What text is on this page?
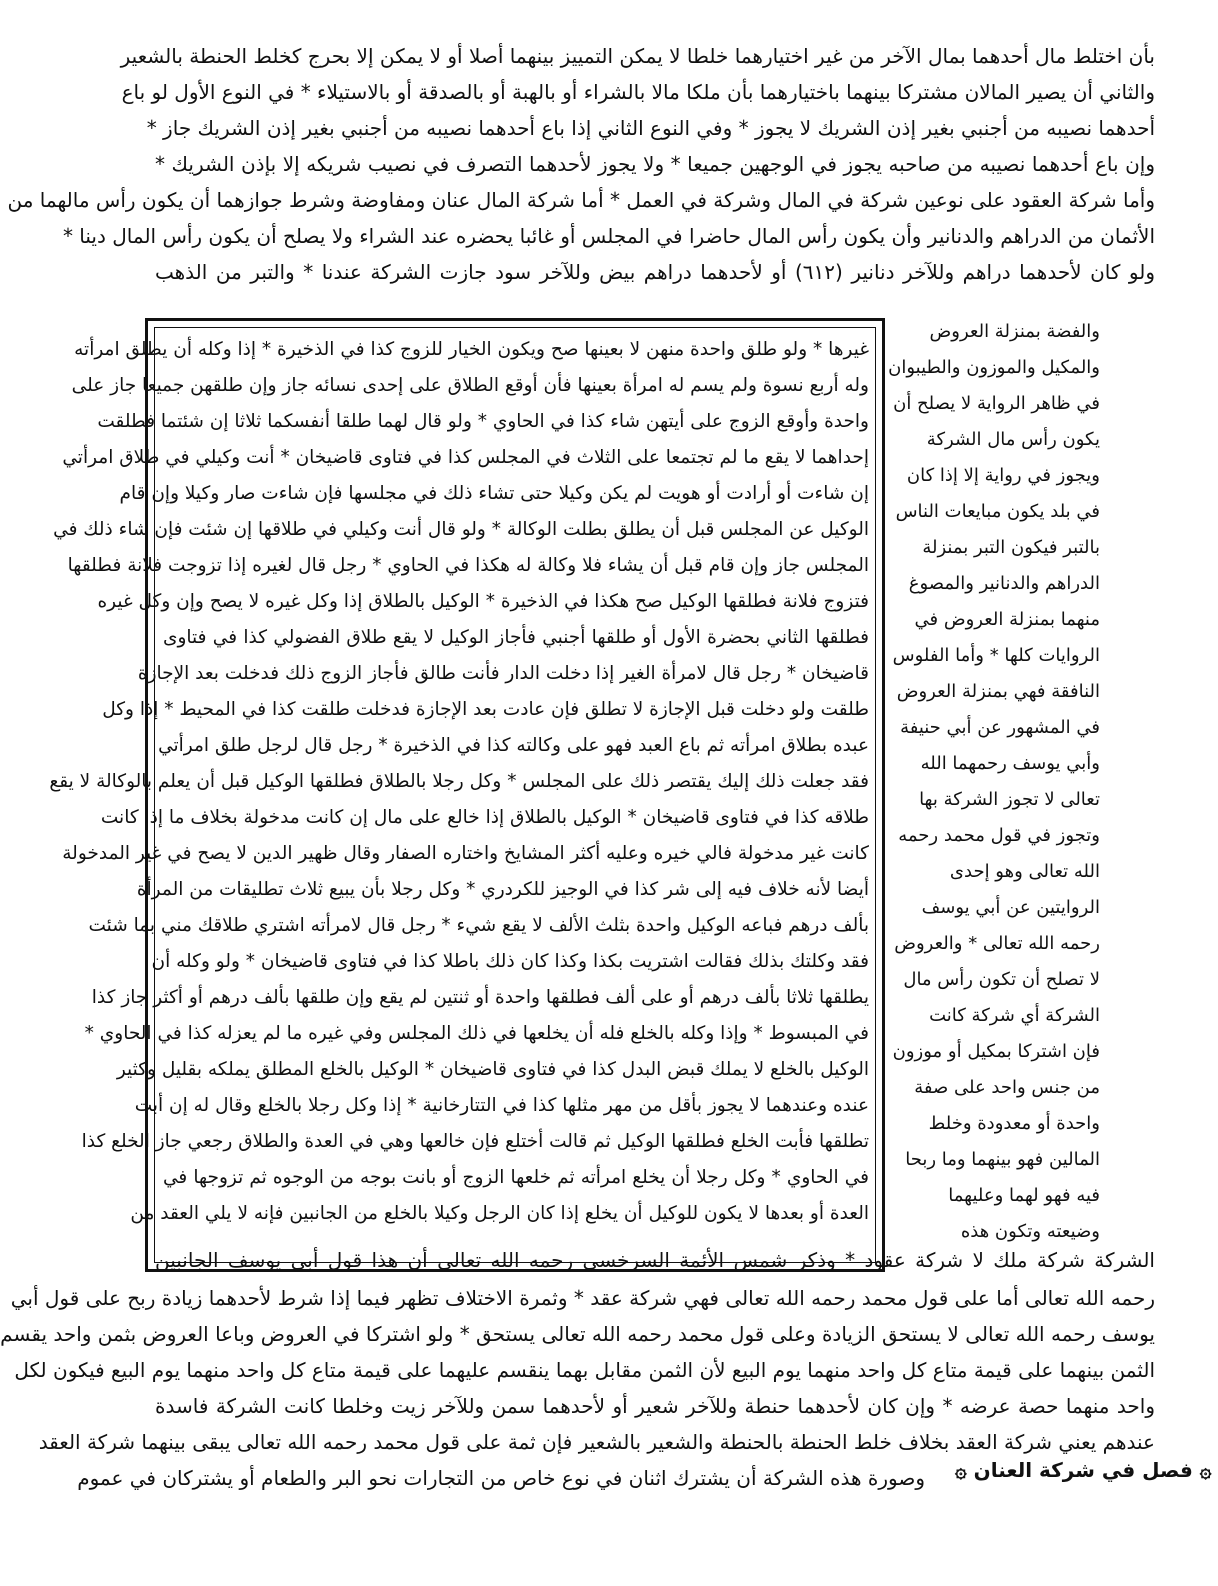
بأن اختلط مال أحدهما بمال الآخر من غير اختيارهما خلطا لا يمكن التمييز بينهما أصلا أو لا يمكن إلا بحرج كخلط الحنطة بالشعير
والثاني أن يصير المالان مشتركا بينهما باختيارهما بأن ملكا مالا بالشراء أو بالهبة أو بالصدقة أو بالاستيلاء * في النوع الأول لو باع
أحدهما نصيبه من أجنبي بغير إذن الشريك لا يجوز * وفي النوع الثاني إذا باع أحدهما نصيبه من أجنبي بغير إذن الشريك جاز *
وإن باع أحدهما نصيبه من صاحبه يجوز في الوجهين جميعا * ولا يجوز لأحدهما التصرف في نصيب شريكه إلا بإذن الشريك *
وأما شركة العقود على نوعين شركة في المال وشركة في العمل * أما شركة المال عنان ومفاوضة وشرط جوازهما أن يكون رأس مالهما من
الأثمان من الدراهم والدنانير وأن يكون رأس المال حاضرا في المجلس أو غائبا يحضره عند الشراء ولا يصلح أن يكون رأس المال دينا *
ولو كان لأحدهما دراهم وللآخر دنانير (٦١٢) أو لأحدهما دراهم بيض وللآخر سود جازت الشركة عندنا * والتبر من الذهب
غيرها * ولو طلق واحدة منهن لا بعينها صح ويكون الخيار للزوج كذا في الذخيرة * إذا وكله أن يطلق امرأته
وله أربع نسوة ولم يسم له امرأة بعينها فأن أوقع الطلاق على إحدى نسائه جاز وإن طلقهن جميعا جاز على
واحدة وأوقع الزوج على أيتهن شاء كذا في الحاوي * ولو قال لهما طلقا أنفسكما ثلاثا إن شئتما فطلقت
إحداهما لا يقع ما لم تجتمعا على الثلاث في المجلس كذا في فتاوى قاضيخان * أنت وكيلي في طلاق امرأتي
إن شاءت أو أرادت أو هويت لم يكن وكيلا حتى تشاء ذلك في مجلسها فإن شاءت صار وكيلا وإن قام
الوكيل عن المجلس قبل أن يطلق بطلت الوكالة * ولو قال أنت وكيلي في طلاقها إن شئت فإن شاء ذلك في
المجلس جاز وإن قام قبل أن يشاء فلا وكالة له هكذا في الحاوي * رجل قال لغيره إذا تزوجت فلانة فطلقها
فتزوج فلانة فطلقها الوكيل صح هكذا في الذخيرة * الوكيل بالطلاق إذا وكل غيره لا يصح وإن وكل غيره
فطلقها الثاني بحضرة الأول أو طلقها أجنبي فأجاز الوكيل لا يقع طلاق الفضولي كذا في فتاوى
قاضيخان * رجل قال لامرأة الغير إذا دخلت الدار فأنت طالق فأجاز الزوج ذلك فدخلت بعد الإجازة
طلقت ولو دخلت قبل الإجازة لا تطلق فإن عادت بعد الإجازة فدخلت طلقت كذا في المحيط * إذا وكل
عبده بطلاق امرأته ثم باع العبد فهو على وكالته كذا في الذخيرة * رجل قال لرجل طلق امرأتي
فقد جعلت ذلك إليك يقتصر ذلك على المجلس * وكل رجلا بالطلاق فطلقها الوكيل قبل أن يعلم بالوكالة لا يقع
طلاقه كذا في فتاوى قاضيخان * الوكيل بالطلاق إذا خالع على مال إن كانت مدخولة بخلاف ما إذا كانت
كانت غير مدخولة فالي خيره وعليه أكثر المشايخ واختاره الصفار وقال ظهير الدين لا يصح في غير المدخولة
أيضا لأنه خلاف فيه إلى شر كذا في الوجيز للكردري * وكل رجلا بأن يبيع ثلاث تطليقات من المرأة
بألف درهم فباعه الوكيل واحدة بثلث الألف لا يقع شيء * رجل قال لامرأته اشتري طلاقك مني بما شئت
فقد وكلتك بذلك فقالت اشتريت بكذا وكذا كان ذلك باطلا كذا في فتاوى قاضيخان * ولو وكله أن
يطلقها ثلاثا بألف درهم أو على ألف فطلقها واحدة أو ثنتين لم يقع وإن طلقها بألف درهم أو أكثر جاز كذا
في المبسوط * وإذا وكله بالخلع فله أن يخلعها في ذلك المجلس وفي غيره ما لم يعزله كذا في الحاوي *
الوكيل بالخلع لا يملك قبض البدل كذا في فتاوى قاضيخان * الوكيل بالخلع المطلق يملكه بقليل وكثير
عنده وعندهما لا يجوز بأقل من مهر مثلها كذا في التتارخانية * إذا وكل رجلا بالخلع وقال له إن أبت
تطلقها فأبت الخلع فطلقها الوكيل ثم قالت أختلع فإن خالعها وهي في العدة والطلاق رجعي جاز الخلع كذا
في الحاوي * وكل رجلا أن يخلع امرأته ثم خلعها الزوج أو بانت بوجه من الوجوه ثم تزوجها في
العدة أو بعدها لا يكون للوكيل أن يخلع إذا كان الرجل وكيلا بالخلع من الجانبين فإنه لا يلي العقد من
والفضة بمنزلة العروض
والمكيل والموزون والطيبوان
في ظاهر الرواية لا يصلح أن
يكون رأس مال الشركة
ويجوز في رواية إلا إذا كان
في بلد يكون مبايعات الناس
بالتبر فيكون التبر بمنزلة
الدراهم والدنانير والمصوغ
منهما بمنزلة العروض في
الروايات كلها * وأما الفلوس
النافقة فهي بمنزلة العروض
في المشهور عن أبي حنيفة
وأبي يوسف رحمهما الله
تعالى لا تجوز الشركة بها
وتجوز في قول محمد رحمه
الله تعالى وهو إحدى
الروايتين عن أبي يوسف
رحمه الله تعالى * والعروض
لا تصلح أن تكون رأس مال
الشركة أي شركة كانت
فإن اشتركا بمكيل أو موزون
من جنس واحد على صفة
واحدة أو معدودة وخلط
المالين فهو بينهما وما ربحا
فيه فهو لهما وعليهما
وضيعته وتكون هذه
الشركة شركة ملك لا شركة عقود * وذكر شمس الأئمة السرخسي رحمه الله تعالى أن هذا قول أبي يوسف الجانبين
رحمه الله تعالى أما على قول محمد رحمه الله تعالى فهي شركة عقد * وثمرة الاختلاف تظهر فيما إذا شرط لأحدهما زيادة ربح على قول أبي
يوسف رحمه الله تعالى لا يستحق الزيادة وعلى قول محمد رحمه الله تعالى يستحق * ولو اشتركا في العروض وباعا العروض بثمن واحد يقسم
الثمن بينهما على قيمة متاع كل واحد منهما يوم البيع لأن الثمن مقابل بهما ينقسم عليهما على قيمة متاع كل واحد منهما يوم البيع فيكون لكل
واحد منهما حصة عرضه * وإن كان لأحدهما حنطة وللآخر شعير أو لأحدهما سمن وللآخر زيت وخلطا كانت الشركة فاسدة
عندهم يعني شركة العقد بخلاف خلط الحنطة بالحنطة والشعير بالشعير فإن ثمة على قول محمد رحمه الله تعالى يبقى بينهما شركة العقد
وصورة هذه الشركة أن يشترك اثنان في نوع خاص من التجارات نحو البر والطعام أو يشتركان في عموم ۞ فصل في شركة العنان ۞
